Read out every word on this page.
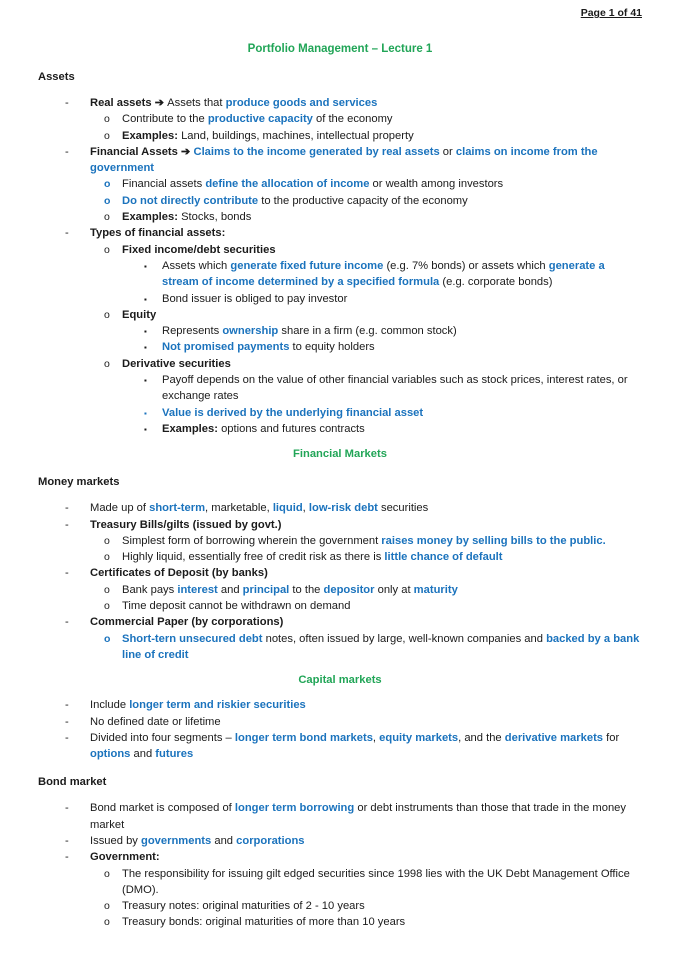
Page 1 of 41
Portfolio Management – Lecture 1
Assets
- Real assets ➔ Assets that produce goods and services
o Contribute to the productive capacity of the economy
o Examples: Land, buildings, machines, intellectual property
- Financial Assets ➔ Claims to the income generated by real assets or claims on income from the government
o Financial assets define the allocation of income or wealth among investors
o Do not directly contribute to the productive capacity of the economy
o Examples: Stocks, bonds
- Types of financial assets:
o Fixed income/debt securities
▪ Assets which generate fixed future income (e.g. 7% bonds) or assets which generate a stream of income determined by a specified formula (e.g. corporate bonds)
▪ Bond issuer is obliged to pay investor
o Equity
▪ Represents ownership share in a firm (e.g. common stock)
▪ Not promised payments to equity holders
o Derivative securities
▪ Payoff depends on the value of other financial variables such as stock prices, interest rates, or exchange rates
▪ Value is derived by the underlying financial asset
▪ Examples: options and futures contracts
Financial Markets
Money markets
- Made up of short-term, marketable, liquid, low-risk debt securities
- Treasury Bills/gilts (issued by govt.)
o Simplest form of borrowing wherein the government raises money by selling bills to the public.
o Highly liquid, essentially free of credit risk as there is little chance of default
- Certificates of Deposit (by banks)
o Bank pays interest and principal to the depositor only at maturity
o Time deposit cannot be withdrawn on demand
- Commercial Paper (by corporations)
o Short-tern unsecured debt notes, often issued by large, well-known companies and backed by a bank line of credit
Capital markets
- Include longer term and riskier securities
- No defined date or lifetime
- Divided into four segments – longer term bond markets, equity markets, and the derivative markets for options and futures
Bond market
- Bond market is composed of longer term borrowing or debt instruments than those that trade in the money market
- Issued by governments and corporations
- Government:
o The responsibility for issuing gilt edged securities since 1998 lies with the UK Debt Management Office (DMO).
o Treasury notes: original maturities of 2 - 10 years
o Treasury bonds: original maturities of more than 10 years
